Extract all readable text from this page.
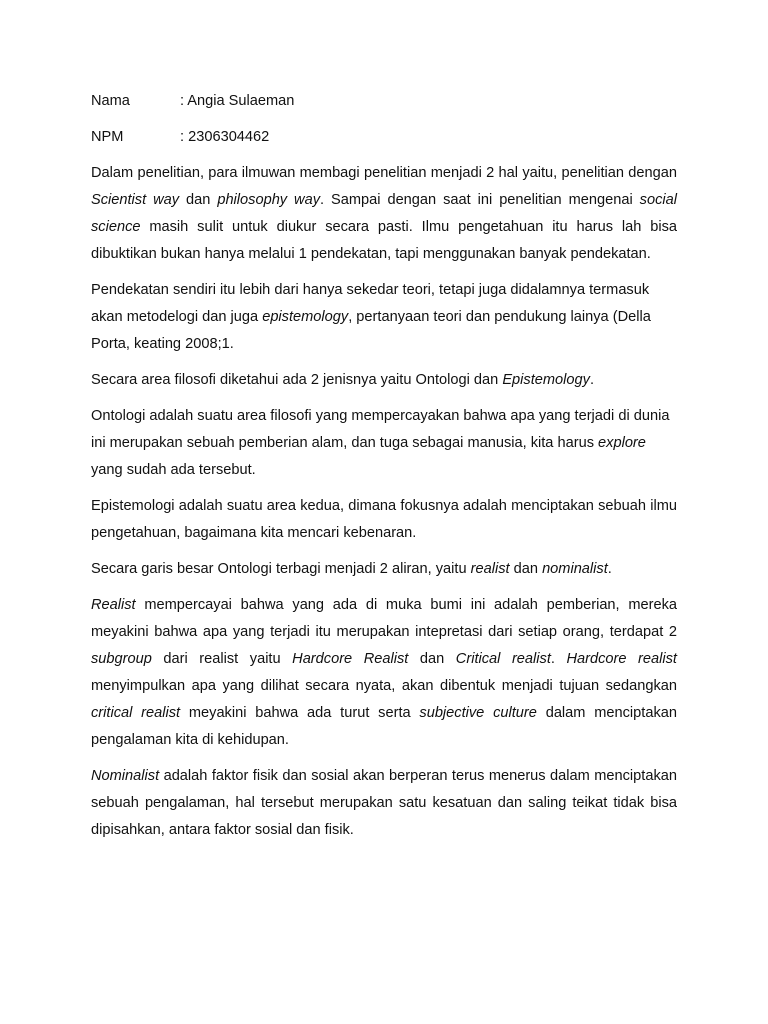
Nama	: Angia Sulaeman
NPM	: 2306304462

Dalam penelitian, para ilmuwan membagi penelitian menjadi 2 hal yaitu, penelitian dengan Scientist way dan philosophy way. Sampai dengan saat ini penelitian mengenai social science masih sulit untuk diukur secara pasti. Ilmu pengetahuan itu harus lah bisa dibuktikan bukan hanya melalui 1 pendekatan, tapi menggunakan banyak pendekatan.

Pendekatan sendiri itu lebih dari hanya sekedar teori, tetapi juga didalamnya termasuk akan metodelogi dan juga epistemology, pertanyaan teori dan pendukung lainya (Della Porta, keating 2008;1.

Secara area filosofi diketahui ada 2 jenisnya yaitu Ontologi dan Epistemology.

Ontologi adalah suatu area filosofi yang mempercayakan bahwa apa yang terjadi di dunia ini merupakan sebuah pemberian alam, dan tuga sebagai manusia, kita harus explore yang sudah ada tersebut.

Epistemologi adalah suatu area kedua, dimana fokusnya adalah menciptakan sebuah ilmu pengetahuan, bagaimana kita mencari kebenaran.

Secara garis besar Ontologi terbagi menjadi 2 aliran, yaitu realist dan nominalist.

Realist mempercayai bahwa yang ada di muka bumi ini adalah pemberian, mereka meyakini bahwa apa yang terjadi itu merupakan intepretasi dari setiap orang, terdapat 2 subgroup dari realist yaitu Hardcore Realist dan Critical realist. Hardcore realist menyimpulkan apa yang dilihat secara nyata, akan dibentuk menjadi tujuan sedangkan critical realist meyakini bahwa ada turut serta subjective culture dalam menciptakan pengalaman kita di kehidupan.

Nominalist adalah faktor fisik dan sosial akan berperan terus menerus dalam menciptakan sebuah pengalaman, hal tersebut merupakan satu kesatuan dan saling teikat tidak bisa dipisahkan, antara faktor sosial dan fisik.
